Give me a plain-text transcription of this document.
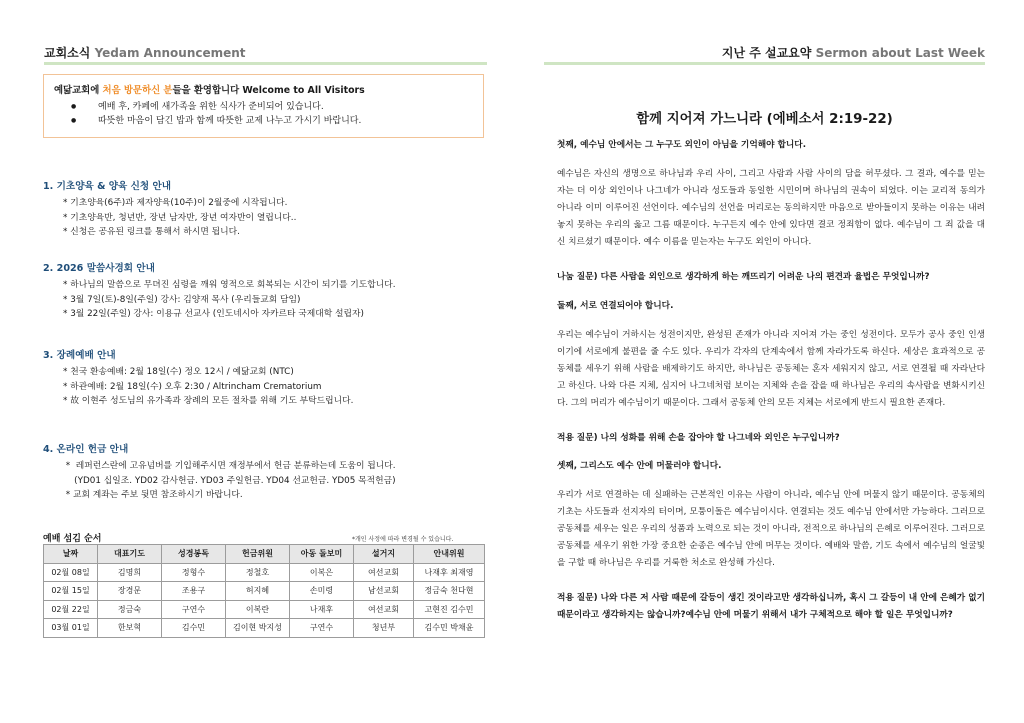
교회소식 Yedam Announcement
예닮교회에 처음 방문하신 분들을 환영합니다 Welcome to All Visitors
● 예배 후, 카페에 새가족을 위한 식사가 준비되어 있습니다.
● 따뜻한 마음이 담긴 밥과 함께 따뜻한 교제 나누고 가시기 바랍니다.
1. 기초양육 & 양육 신청 안내
* 기초양육(6주)과 제자양육(10주)이 2월중에 시작됩니다.
* 기초양육반, 청년반, 장년 남자반, 장년 여자반이 열립니다..
* 신청은 공유된 링크를 통해서 하시면 됩니다.
2. 2026 말씀사경회 안내
* 하나님의 말씀으로 무뎌진 심령을 깨워 영적으로 회복되는 시간이 되기를 기도합니다.
* 3월 7일(토)-8일(주일) 강사: 김양재 목사 (우리들교회 담임)
* 3월 22일(주일) 강사: 이용규 선교사 (인도네시아 자카르타 국제대학 설립자)
3. 장례예배 안내
* 천국 환송예배: 2월 18일(수) 정오 12시 / 예닮교회 (NTC)
* 하관예배: 2월 18일(수) 오후 2:30 / Altrincham Crematorium
* 故 이현주 성도님의 유가족과 장례의 모든 절차를 위해 기도 부탁드립니다.
4. 온라인 헌금 안내
*  레퍼런스란에 고유넘버를 기입해주시면 재정부에서 헌금 분류하는데 도움이 됩니다.
(YD01 십일조. YD02 감사헌금. YD03 주일헌금. YD04 선교헌금. YD05 목적헌금)
* 교회 계좌는 주보 뒷면 참조하시기 바랍니다.
예배 섬김 순서	*개인 사정에 따라 변경될 수 있습니다.
날짜	대표기도	성경봉독	헌금위원	아동 돌보미	설거지	안내위원
02월 08일	김명희	정형수	정철호	이복은	여선교회	나재후 최재영
02월 15일	장경문	조용구	허지혜	손미령	남선교회	정금숙 천다현
02월 22일	정금숙	구연수	이복란	나재후	여선교회	고현진 김수민
03월 01일	한보혁	김수민	김이현 박지성	구연수	청년부	김수민 박채윤
지난 주 설교요약 Sermon about Last Week
함께 지어져 가느니라 (에베소서 2:19-22)
첫째, 예수님 안에서는 그 누구도 외인이 아님을 기억해야 합니다.
예수님은 자신의 생명으로 하나님과 우리 사이, 그리고 사람과 사람 사이의 담을 허무셨다. 그 결과, 예수를 믿는 자는 더 이상 외인이나 나그네가 아니라 성도들과 동일한 시민이며 하나님의 권속이 되었다. 이는 교리적 동의가 아니라 이미 이루어진 선언이다. 예수님의 선언을 머리로는 동의하지만 마음으로 받아들이지 못하는 이유는 내려 놓지 못하는 우리의 옳고 그름 때문이다. 누구든지 예수 안에 있다면 결코 정죄함이 없다. 예수님이 그 죄 값을 대신 치르셨기 때문이다. 예수 이름을 믿는자는 누구도 외인이 아니다.
나눔 질문) 다른 사람을 외인으로 생각하게 하는 깨뜨리기 어려운 나의 편견과 율법은 무엇입니까?
둘째, 서로 연결되어야 합니다.
우리는 예수님이 거하시는 성전이지만, 완성된 존재가 아니라 지어져 가는 중인 성전이다. 모두가 공사 중인 인생이기에 서로에게 불편을 줄 수도 있다. 우리가 각자의 단계속에서 함께 자라가도록 하신다. 세상은 효과적으로 공동체를 세우기 위해 사람을 배제하기도 하지만, 하나님은 공동체는 혼자 세워지지 않고, 서로 연결될 때 자라난다고 하신다. 나와 다른 지체, 심지어 나그네처럼 보이는 지체와 손을 잡을 때 하나님은 우리의 속사람을 변화시키신다. 그의 머리가 예수님이기 때문이다. 그래서 공동체 안의 모든 지체는 서로에게 반드시 필요한 존재다.
적용 질문) 나의 성화를 위해 손을 잡아야 할 나그네와 외인은 누구입니까?
셋째, 그리스도 예수 안에 머물러야 합니다.
우리가 서로 연결하는 데 실패하는 근본적인 이유는 사람이 아니라, 예수님 안에 머물지 않기 때문이다. 공동체의 기초는 사도들과 선지자의 터이며, 모퉁이돌은 예수님이시다. 연결되는 것도 예수님 안에서만 가능하다. 그러므로 공동체를 세우는 일은 우리의 성품과 노력으로 되는 것이 아니라, 전적으로 하나님의 은혜로 이루어진다. 그러므로 공동체를 세우기 위한 가장 중요한 순종은 예수님 안에 머무는 것이다. 예배와 말씀, 기도 속에서 예수님의 얼굴빛을 구할 때 하나님은 우리를 거룩한 처소로 완성해 가신다.
적용 질문) 나와 다른 저 사람 때문에 갈등이 생긴 것이라고만 생각하십니까, 혹시 그 갈등이 내 안에 은혜가 없기 때문이라고 생각하지는 않습니까?예수님 안에 머물기 위해서 내가 구체적으로 해야 할 일은 무엇입니까?
